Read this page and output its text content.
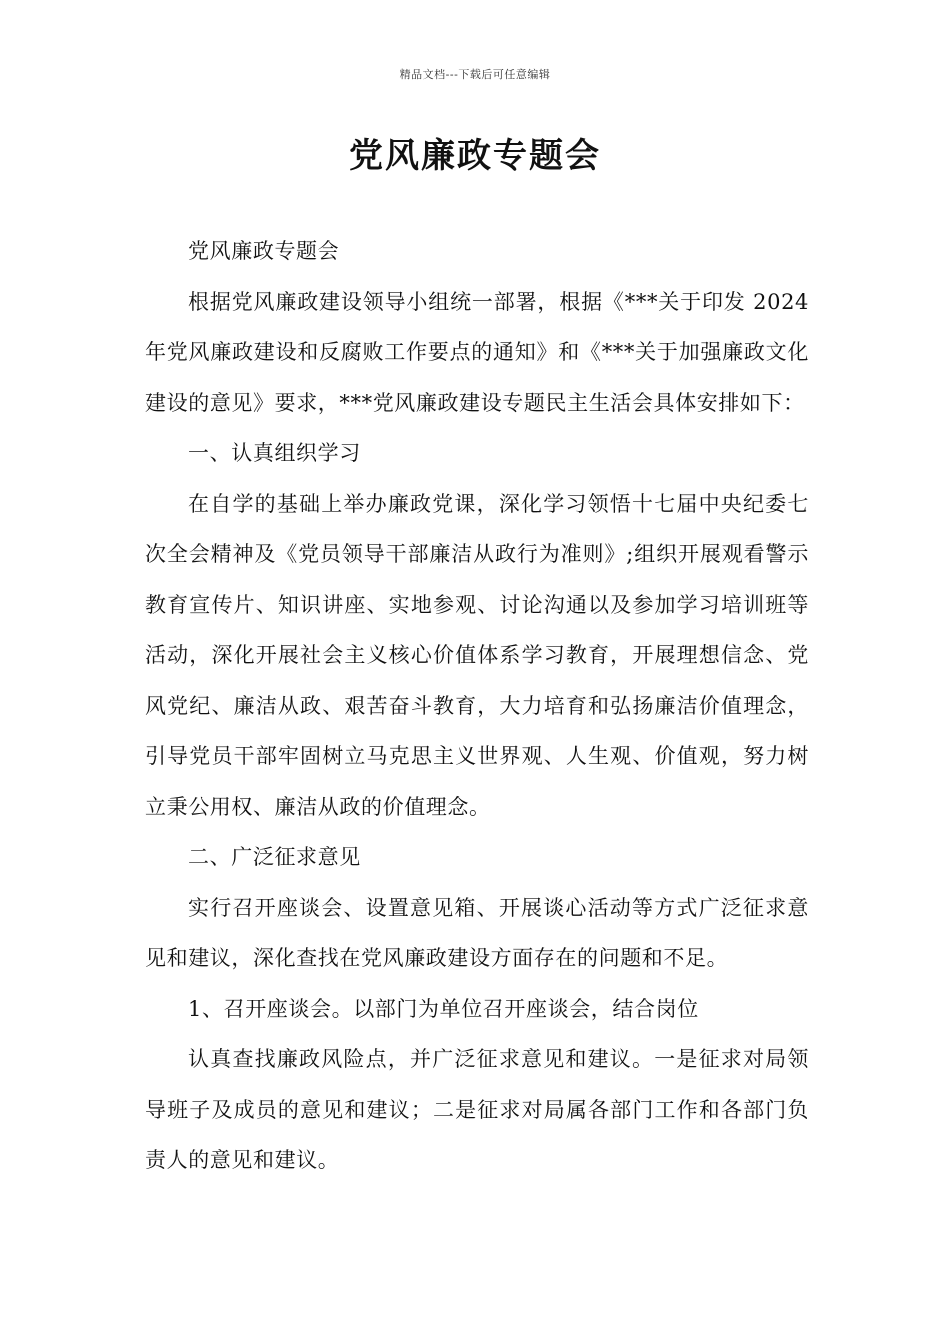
精品文档---下载后可任意编辑
党风廉政专题会

党风廉政专题会

根据党风廉政建设领导小组统一部署，根据《***关于印发 2024 年党风廉政建设和反腐败工作要点的通知》和《***关于加强廉政文化建设的意见》要求，***党风廉政建设专题民主生活会具体安排如下：

一、认真组织学习

在自学的基础上举办廉政党课，深化学习领悟十七届中央纪委七次全会精神及《党员领导干部廉洁从政行为准则》;组织开展观看警示教育宣传片、知识讲座、实地参观、讨论沟通以及参加学习培训班等活动，深化开展社会主义核心价值体系学习教育，开展理想信念、党风党纪、廉洁从政、艰苦奋斗教育，大力培育和弘扬廉洁价值理念，引导党员干部牢固树立马克思主义世界观、人生观、价值观，努力树立秉公用权、廉洁从政的价值理念。

二、广泛征求意见

实行召开座谈会、设置意见箱、开展谈心活动等方式广泛征求意见和建议，深化查找在党风廉政建设方面存在的问题和不足。

1、召开座谈会。以部门为单位召开座谈会，结合岗位

认真查找廉政风险点，并广泛征求意见和建议。一是征求对局领导班子及成员的意见和建议；二是征求对局属各部门工作和各部门负责人的意见和建议。
